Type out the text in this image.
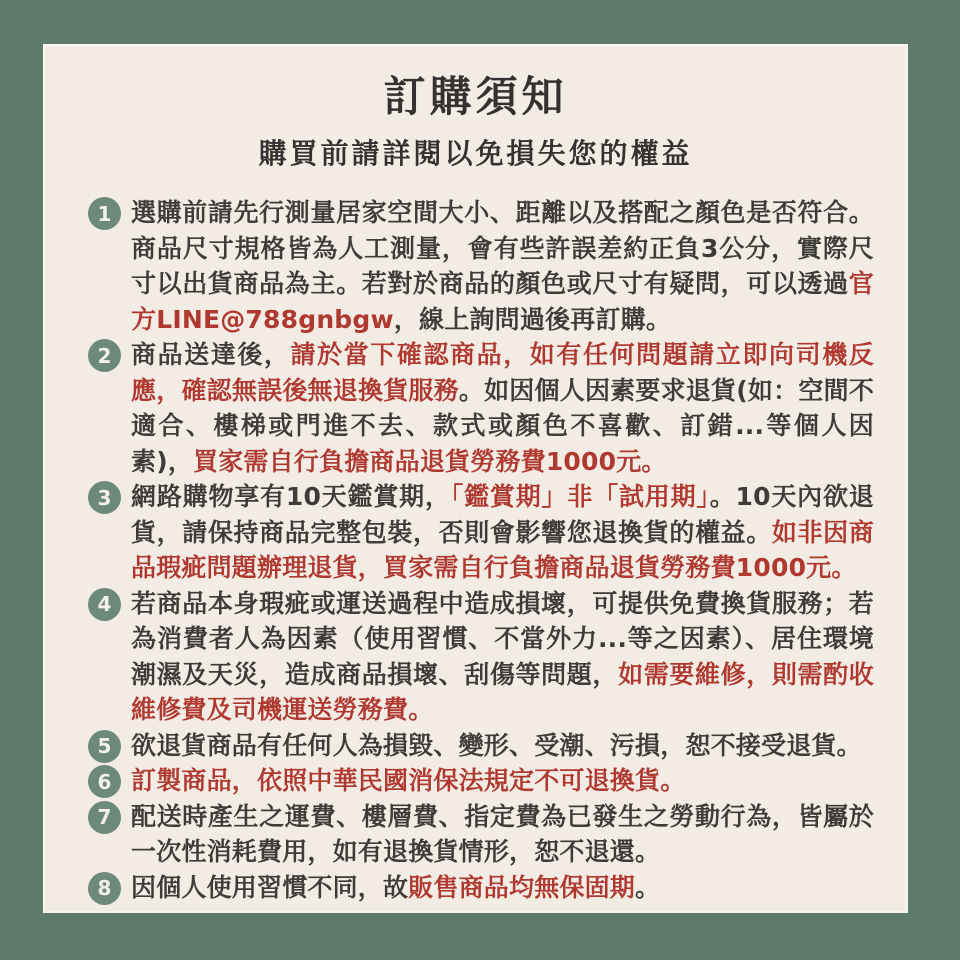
訂購須知
購買前請詳閱以免損失您的權益
1 選購前請先行測量居家空間大小、距離以及搭配之顏色是否符合。商品尺寸規格皆為人工測量，會有些許誤差約正負3公分，實際尺寸以出貨商品為主。若對於商品的顏色或尺寸有疑問，可以透過官方LINE@788gnbgw，線上詢問過後再訂購。

2 商品送達後，請於當下確認商品，如有任何問題請立即向司機反應，確認無誤後無退換貨服務。如因個人因素要求退貨(如：空間不適合、樓梯或門進不去、款式或顏色不喜歡、訂錯...等個人因素)，買家需自行負擔商品退貨勞務費1000元。

3 網路購物享有10天鑑賞期，「鑑賞期」非「試用期」。10天內欲退貨，請保持商品完整包裝，否則會影響您退換貨的權益。如非因商品瑕疵問題辦理退貨，買家需自行負擔商品退貨勞務費1000元。

4 若商品本身瑕疵或運送過程中造成損壞，可提供免費換貨服務；若為消費者人為因素（使用習慣、不當外力...等之因素）、居住環境潮濕及天災，造成商品損壞、刮傷等問題，如需要維修，則需酌收維修費及司機運送勞務費。

5 欲退貨商品有任何人為損毀、變形、受潮、污損，恕不接受退貨。

6 訂製商品，依照中華民國消保法規定不可退換貨。

7 配送時產生之運費、樓層費、指定費為已發生之勞動行為，皆屬於一次性消耗費用，如有退換貨情形，恕不退還。

8 因個人使用習慣不同，故販售商品均無保固期。
